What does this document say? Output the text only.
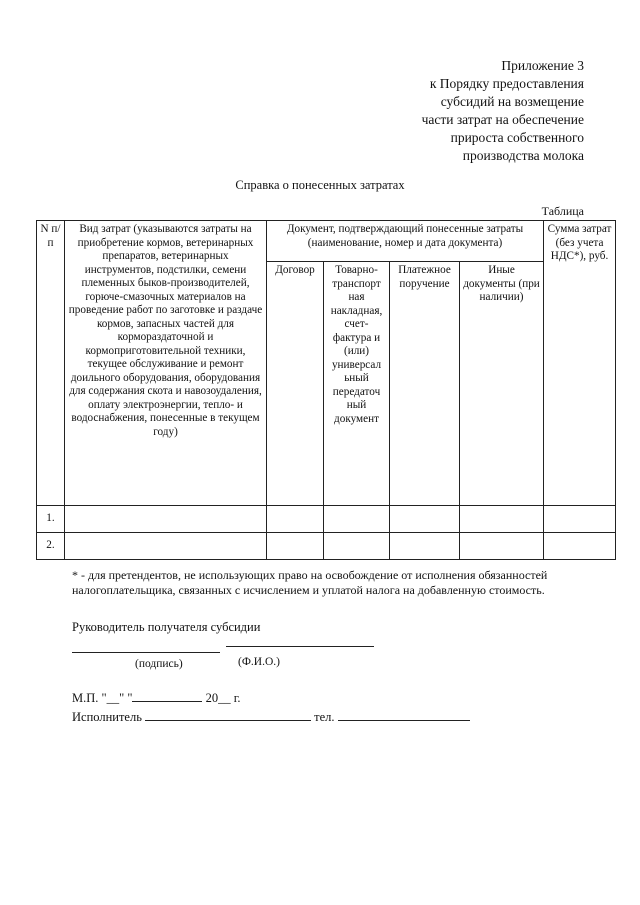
Приложение 3
к Порядку предоставления
субсидий на возмещение
части затрат на обеспечение
прироста собственного
производства молока
Справка о понесенных затратах
Таблица
N п/п	Вид затрат (указываются затраты на приобретение кормов, ветеринарных препаратов, ветеринарных инструментов, подстилки, семени племенных быков-производителей, горюче-смазочных материалов на проведение работ по заготовке и раздаче кормов, запасных частей для кормораздаточной и кормоприготовительной техники, текущее обслуживание и ремонт доильного оборудования, оборудования для содержания скота и навозоудаления, оплату электроэнергии, тепло- и водоснабжения, понесенные в текущем году)	Документ, подтверждающий понесенные затраты (наименование, номер и дата документа)				Сумма затрат (без учета НДС*), руб.
		Договор	Товарно-транспорт ная накладная, счет-фактура и (или) универсал ьный передаточ ный документ	Платежное поручение	Иные документы (при наличии)	
1.						
2.						
* - для претендентов, не использующих право на освобождение от исполнения обязанностей налогоплательщика, связанных с исчислением и уплатой налога на добавленную стоимость.
Руководитель получателя субсидии
(подпись)	(Ф.И.О.)
М.П. "__" "	20__ г.
Исполнитель	тел.
